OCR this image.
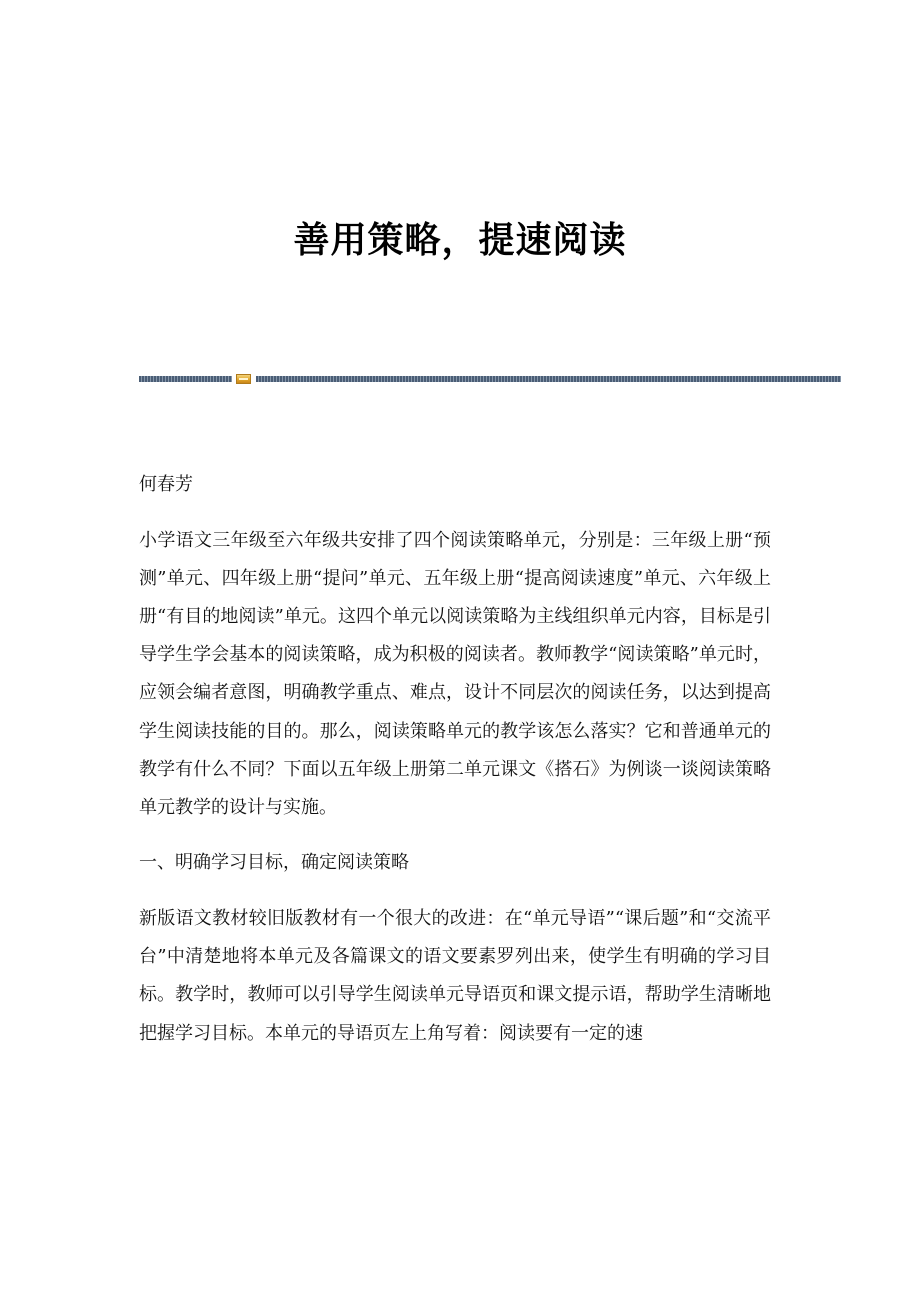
善用策略，提速阅读

何春芳

小学语文三年级至六年级共安排了四个阅读策略单元，分别是：三年级上册“预测”单元、四年级上册“提问”单元、五年级上册“提高阅读速度”单元、六年级上册“有目的地阅读”单元。这四个单元以阅读策略为主线组织单元内容，目标是引导学生学会基本的阅读策略，成为积极的阅读者。教师教学“阅读策略”单元时，应领会编者意图，明确教学重点、难点，设计不同层次的阅读任务，以达到提高学生阅读技能的目的。那么，阅读策略单元的教学该怎么落实？它和普通单元的教学有什么不同？下面以五年级上册第二单元课文《搭石》为例谈一谈阅读策略单元教学的设计与实施。

一、明确学习目标，确定阅读策略

新版语文教材较旧版教材有一个很大的改进：在“单元导语”“课后题”和“交流平台”中清楚地将本单元及各篇课文的语文要素罗列出来，使学生有明确的学习目标。教学时，教师可以引导学生阅读单元导语页和课文提示语，帮助学生清晰地把握学习目标。本单元的导语页左上角写着：阅读要有一定的速
